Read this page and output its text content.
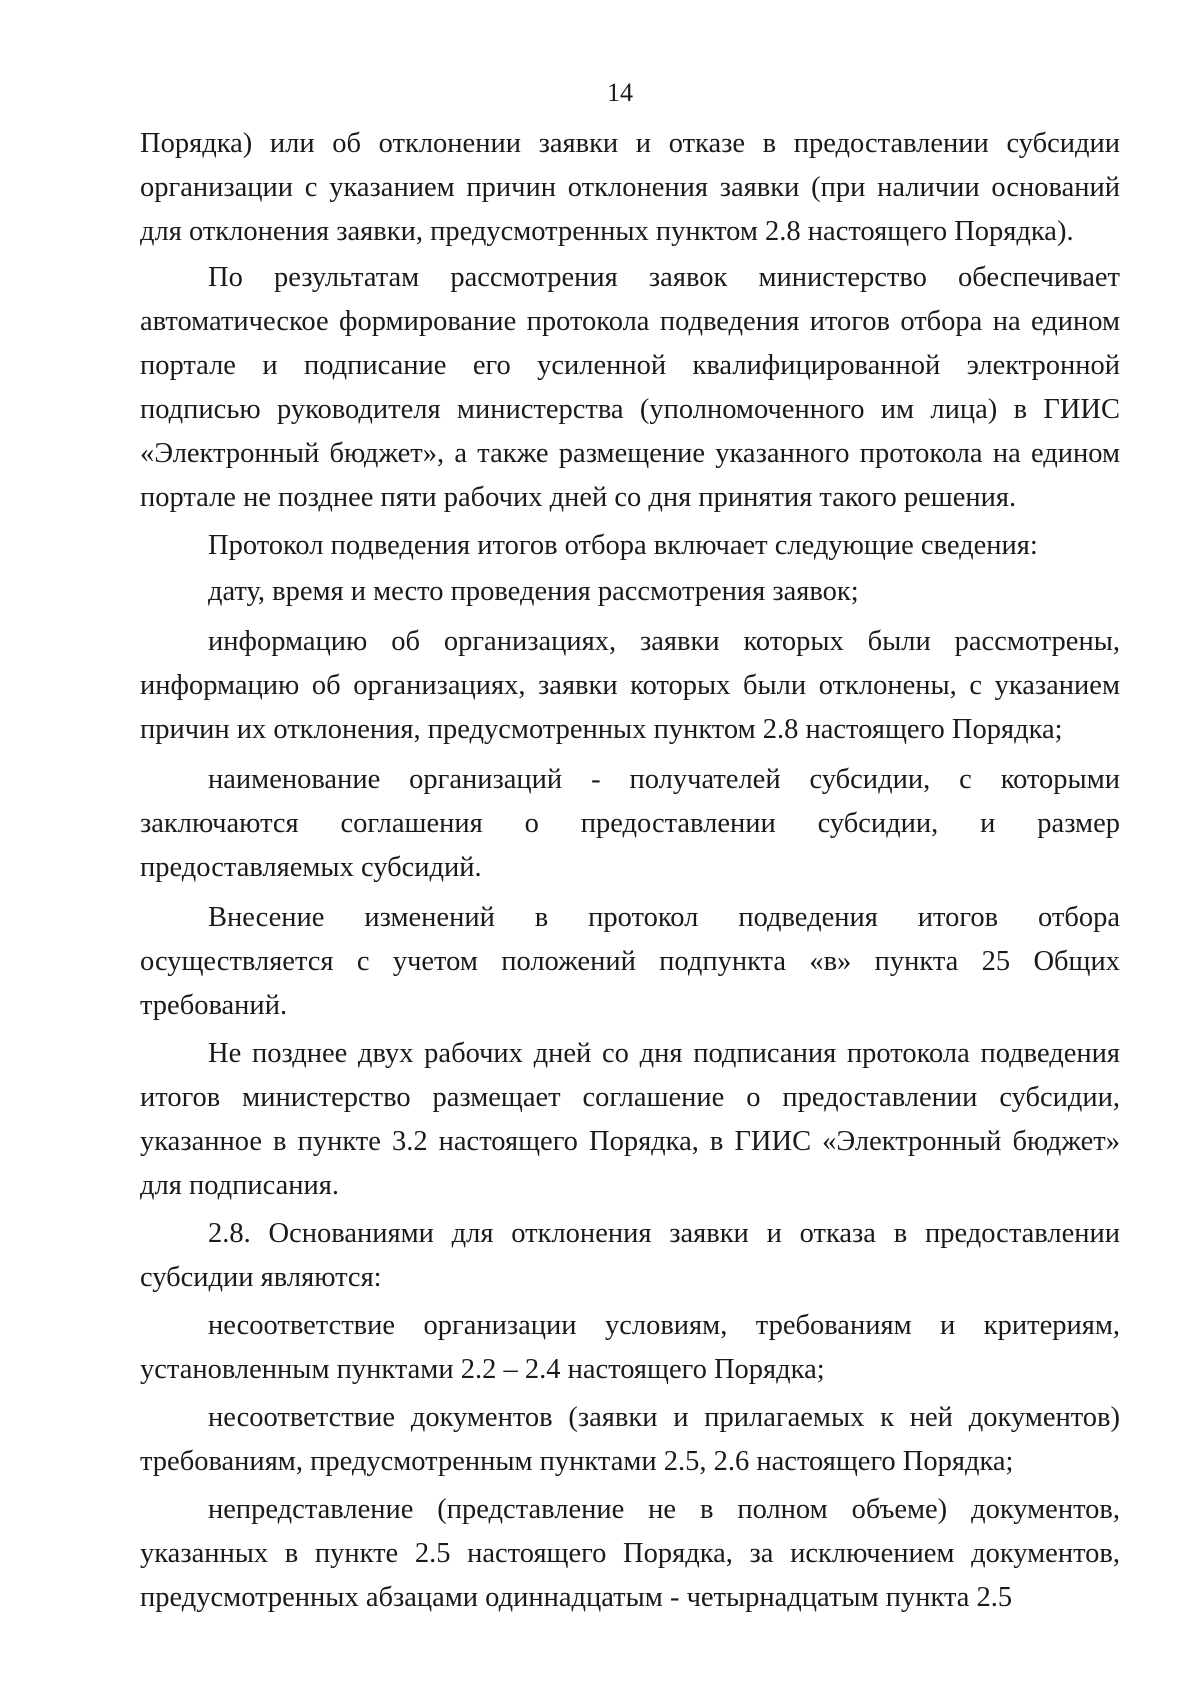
14

Порядка) или об отклонении заявки и отказе в предоставлении субсидии организации с указанием причин отклонения заявки (при наличии оснований для отклонения заявки, предусмотренных пунктом 2.8 настоящего Порядка).

По результатам рассмотрения заявок министерство обеспечивает автоматическое формирование протокола подведения итогов отбора на едином портале и подписание его усиленной квалифицированной электронной подписью руководителя министерства (уполномоченного им лица) в ГИИС «Электронный бюджет», а также размещение указанного протокола на едином портале не позднее пяти рабочих дней со дня принятия такого решения.

Протокол подведения итогов отбора включает следующие сведения:

дату, время и место проведения рассмотрения заявок;

информацию об организациях, заявки которых были рассмотрены, информацию об организациях, заявки которых были отклонены, с указанием причин их отклонения, предусмотренных пунктом 2.8 настоящего Порядка;

наименование организаций - получателей субсидии, с которыми заключаются соглашения о предоставлении субсидии, и размер предоставляемых субсидий.

Внесение изменений в протокол подведения итогов отбора осуществляется с учетом положений подпункта «в» пункта 25 Общих требований.

Не позднее двух рабочих дней со дня подписания протокола подведения итогов министерство размещает соглашение о предоставлении субсидии, указанное в пункте 3.2 настоящего Порядка, в ГИИС «Электронный бюджет» для подписания.

2.8. Основаниями для отклонения заявки и отказа в предоставлении субсидии являются:

несоответствие организации условиям, требованиям и критериям, установленным пунктами 2.2 – 2.4 настоящего Порядка;

несоответствие документов (заявки и прилагаемых к ней документов) требованиям, предусмотренным пунктами 2.5, 2.6 настоящего Порядка;

непредставление (представление не в полном объеме) документов, указанных в пункте 2.5 настоящего Порядка, за исключением документов, предусмотренных абзацами одиннадцатым - четырнадцатым пункта 2.5
